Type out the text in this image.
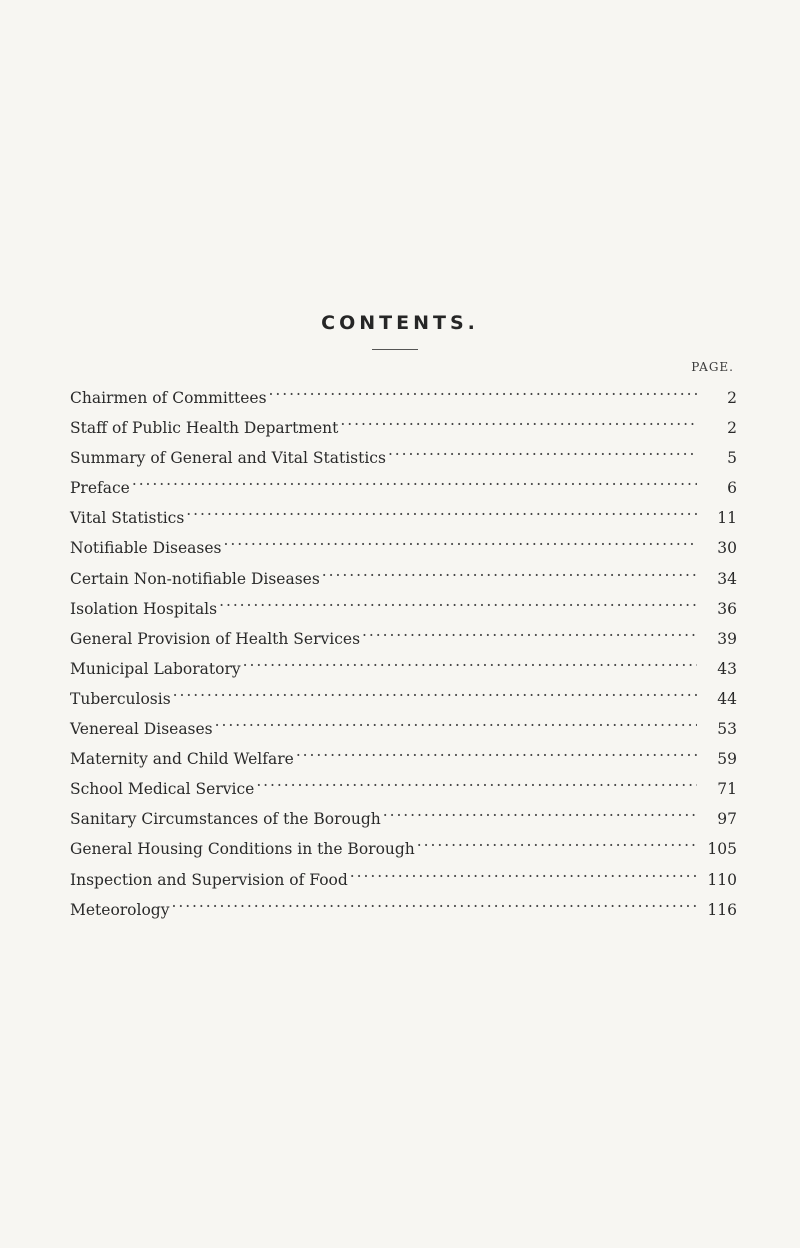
CONTENTS.
PAGE.
Chairmen of Committees . . .	2
Staff of Public Health Department . . .	2
Summary of General and Vital Statistics . . .	5
Preface . . .	6
Vital Statistics . . .	11
Notifiable Diseases . . .	30
Certain Non-notifiable Diseases . . .	34
Isolation Hospitals . . .	36
General Provision of Health Services . . .	39
Municipal Laboratory . . .	43
Tuberculosis . . .	44
Venereal Diseases . . .	53
Maternity and Child Welfare . . .	59
School Medical Service . . .	71
Sanitary Circumstances of the Borough . . .	97
General Housing Conditions in the Borough . . .	105
Inspection and Supervision of Food . . .	110
Meteorology . . .	116
